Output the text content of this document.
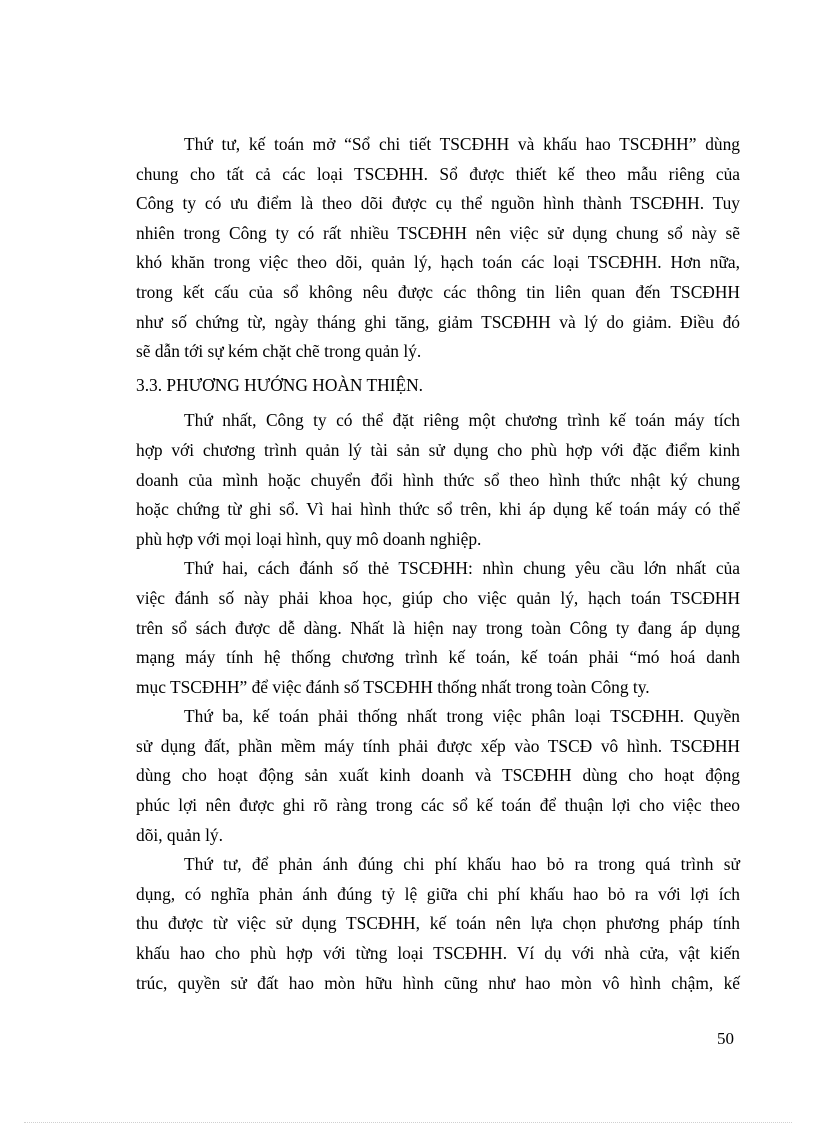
Thứ tư, kế toán mở “Sổ chi tiết TSCĐHH và khấu hao TSCĐHH” dùng
chung cho tất cả các loại TSCĐHH. Sổ được thiết kế theo mẫu riêng của
Công ty có ưu điểm là theo dõi được cụ thể nguồn hình thành TSCĐHH. Tuy
nhiên trong Công ty có rất nhiều TSCĐHH nên việc sử dụng chung sổ này sẽ
khó khăn trong việc theo dõi, quản lý, hạch toán các loại TSCĐHH. Hơn nữa,
trong kết cấu của sổ không nêu được các thông tin liên quan đến TSCĐHH
như số chứng từ, ngày tháng ghi tăng, giảm TSCĐHH và lý do giảm. Điều đó
sẽ dẫn tới sự kém chặt chẽ trong quản lý.

3.3. PHƯƠNG HƯỚNG HOÀN THIỆN.

Thứ nhất, Công ty có thể đặt riêng một chương trình kế toán máy tích
hợp với chương trình quản lý tài sản sử dụng cho phù hợp với đặc điểm kinh
doanh của mình hoặc chuyển đổi hình thức sổ theo hình thức nhật ký chung
hoặc chứng từ ghi sổ. Vì hai hình thức sổ trên, khi áp dụng kế toán máy có thể
phù hợp với mọi loại hình, quy mô doanh nghiệp.

Thứ hai, cách đánh số thẻ TSCĐHH: nhìn chung yêu cầu lớn nhất của
việc đánh số này phải khoa học, giúp cho việc quản lý, hạch toán TSCĐHH
trên sổ sách được dễ dàng. Nhất là hiện nay trong toàn Công ty đang áp dụng
mạng máy tính hệ thống chương trình kế toán, kế toán phải “mó hoá danh
mục TSCĐHH” để việc đánh số TSCĐHH thống nhất trong toàn Công ty.

Thứ ba, kế toán phải thống nhất trong việc phân loại TSCĐHH. Quyền
sử dụng đất, phần mềm máy tính phải được xếp vào TSCĐ vô hình. TSCĐHH
dùng cho hoạt động sản xuất kinh doanh và TSCĐHH dùng cho hoạt động
phúc lợi nên được ghi rõ ràng trong các sổ kế toán để thuận lợi cho việc theo
dõi, quản lý.

Thứ tư, để phản ánh đúng chi phí khấu hao bỏ ra trong quá trình sử
dụng, có nghĩa phản ánh đúng tỷ lệ giữa chi phí khấu hao bỏ ra với lợi ích
thu được từ việc sử dụng TSCĐHH, kế toán nên lựa chọn phương pháp tính
khấu hao cho phù hợp với từng loại TSCĐHH. Ví dụ với nhà cửa, vật kiến
trúc, quyền sử đất hao mòn hữu hình cũng như hao mòn vô hình chậm, kế

50
